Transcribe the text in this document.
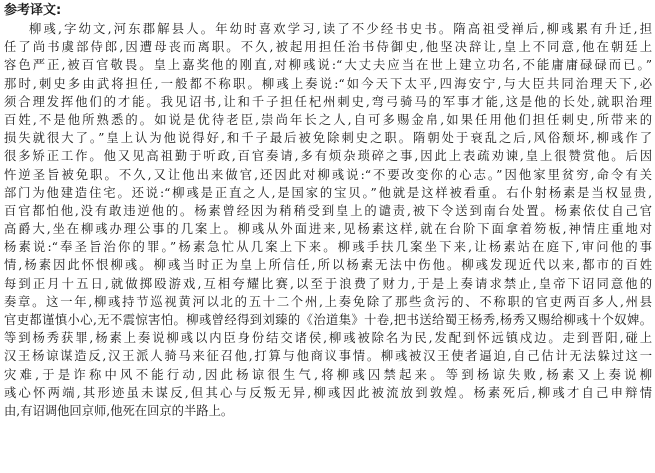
参考译文:
柳彧,字幼文,河东郡解县人。年幼时喜欢学习,读了不少经书史书。隋高祖受禅后,柳彧累有升迁,担
任了尚书虞部侍郎,因遭母丧而离职。不久,被起用担任治书侍御史,他坚决辞让,皇上不同意,他在朝廷上
容色严正,被百官敬畏。皇上嘉奖他的刚直,对柳彧说:“大丈夫应当在世上建立功名,不能庸庸碌碌而已。”
那时,刺史多由武将担任,一般都不称职。柳彧上奏说:“如今天下太平,四海安宁,与大臣共同治理天下,必
须合理发挥他们的才能。我见诏书,让和千子担任杞州刺史,弯弓骑马的军事才能,这是他的长处,就职治理
百姓,不是他所熟悉的。如说是优待老臣,崇尚年长之人,自可多赐金帛,如果任用他们担任刺史,所带来的
损失就很大了。”皇上认为他说得好,和千子最后被免除刺史之职。隋朝处于衰乱之后,风俗颓坏,柳彧作了
很多矫正工作。他又见高祖勤于听政,百官奏请,多有烦杂琐碎之事,因此上表疏劝谏,皇上很赞赏他。后因
忤逆圣旨被免职。不久,又让他出来做官,还因此对柳彧说:“不要改变你的心志。”因他家里贫穷,命令有关
部门为他建造住宅。还说:“柳彧是正直之人,是国家的宝贝。”他就是这样被看重。右仆射杨素是当权显贵,
百官都怕他,没有敢违逆他的。杨素曾经因为稍稍受到皇上的谴责,被下令送到南台处置。杨素依仗自己官
高爵大,坐在柳彧办理公事的几案上。柳彧从外面进来,见杨素这样,就在台阶下面拿着笏板,神情庄重地对
杨素说:“奉圣旨治你的罪。”杨素急忙从几案上下来。柳彧手扶几案坐下来,让杨素站在庭下,审问他的事
情,杨素因此怀恨柳彧。柳彧当时正为皇上所信任,所以杨素无法中伤他。柳彧发现近代以来,都市的百姓
每到正月十五日,就做掷殴游戏,互相夸耀比赛,以至于浪费了财力,于是上奏请求禁止,皇帝下诏同意他的
奏章。这一年,柳彧持节巡视黄河以北的五十二个州,上奏免除了那些贪污的、不称职的官吏两百多人,州县
官吏都谨慎小心,无不震惊害怕。柳彧曾经得到刘臻的《治道集》十卷,把书送给蜀王杨秀,杨秀又赐给柳彧十个奴婢。
等到杨秀获罪,杨素上奏说柳彧以内臣身份结交诸侯,柳彧被除名为民,发配到怀远镇戍边。走到晋阳,碰上
汉王杨谅谋造反,汉王派人骑马来征召他,打算与他商议事情。柳彧被汉王使者逼迫,自己估计无法躲过这一
灾难,于是诈称中风不能行动,因此杨谅很生气,将柳彧囚禁起来。等到杨谅失败,杨素又上奏说柳
彧心怀两端,其形迹虽未谋反,但其心与反叛无异,柳彧因此被流放到敦煌。杨素死后,柳彧才自己申辩情
由,有诏调他回京师,他死在回京的半路上。
